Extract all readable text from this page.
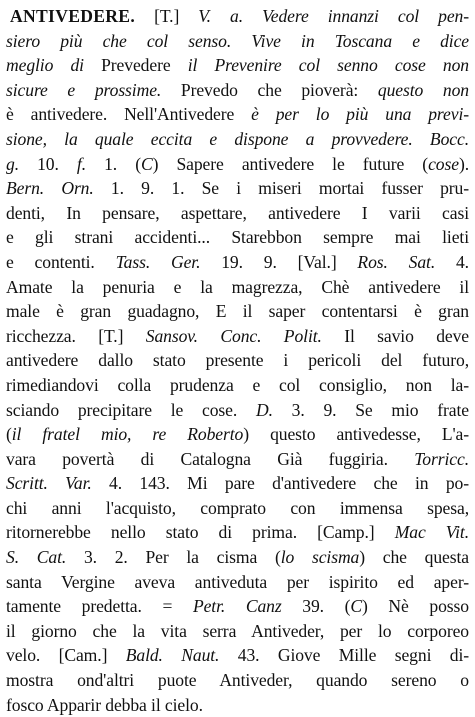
ANTIVEDERE. [T.] V. a. Vedere innanzi col pen-
siero più che col senso. Vive in Toscana e dice
meglio di Prevedere il Prevenire col senno cose non
sicure e prossime. Prevedo che pioverà: questo non
è antivedere. Nell'Antivedere è per lo più una previ-
sione, la quale eccita e dispone a provvedere. Bocc.
g. 10. f. 1. (C) Sapere antivedere le future (cose).
Bern. Orn. 1. 9. 1. Se i miseri mortai fusser pru-
denti, In pensare, aspettare, antivedere I varii casi
e gli strani accidenti... Starebbon sempre mai lieti
e contenti. Tass. Ger. 19. 9. [Val.] Ros. Sat. 4.
Amate la penuria e la magrezza, Chè antivedere il
male è gran guadagno, E il saper contentarsi è gran
ricchezza. [T.] Sansov. Conc. Polit. Il savio deve
antivedere dallo stato presente i pericoli del futuro,
rimediandovi colla prudenza e col consiglio, non la-
sciando precipitare le cose. D. 3. 9. Se mio frate
(il fratel mio, re Roberto) questo antivedesse, L'a-
vara povertà di Catalogna Già fuggiria. Torricc.
Scritt. Var. 4. 143. Mi pare d'antivedere che in po-
chi anni l'acquisto, comprato con immensa spesa,
ritornerebbe nello stato di prima. [Camp.] Mac Vit.
S. Cat. 3. 2. Per la cisma (lo scisma) che questa
santa Vergine aveva antiveduta per ispirito ed aper-
tamente predetta. = Petr. Canz 39. (C) Nè posso
il giorno che la vita serra Antiveder, per lo corporeo
velo. [Cam.] Bald. Naut. 43. Giove Mille segni di-
mostra ond'altri puote Antiveder, quando sereno o
fosco Apparir debba il cielo.
